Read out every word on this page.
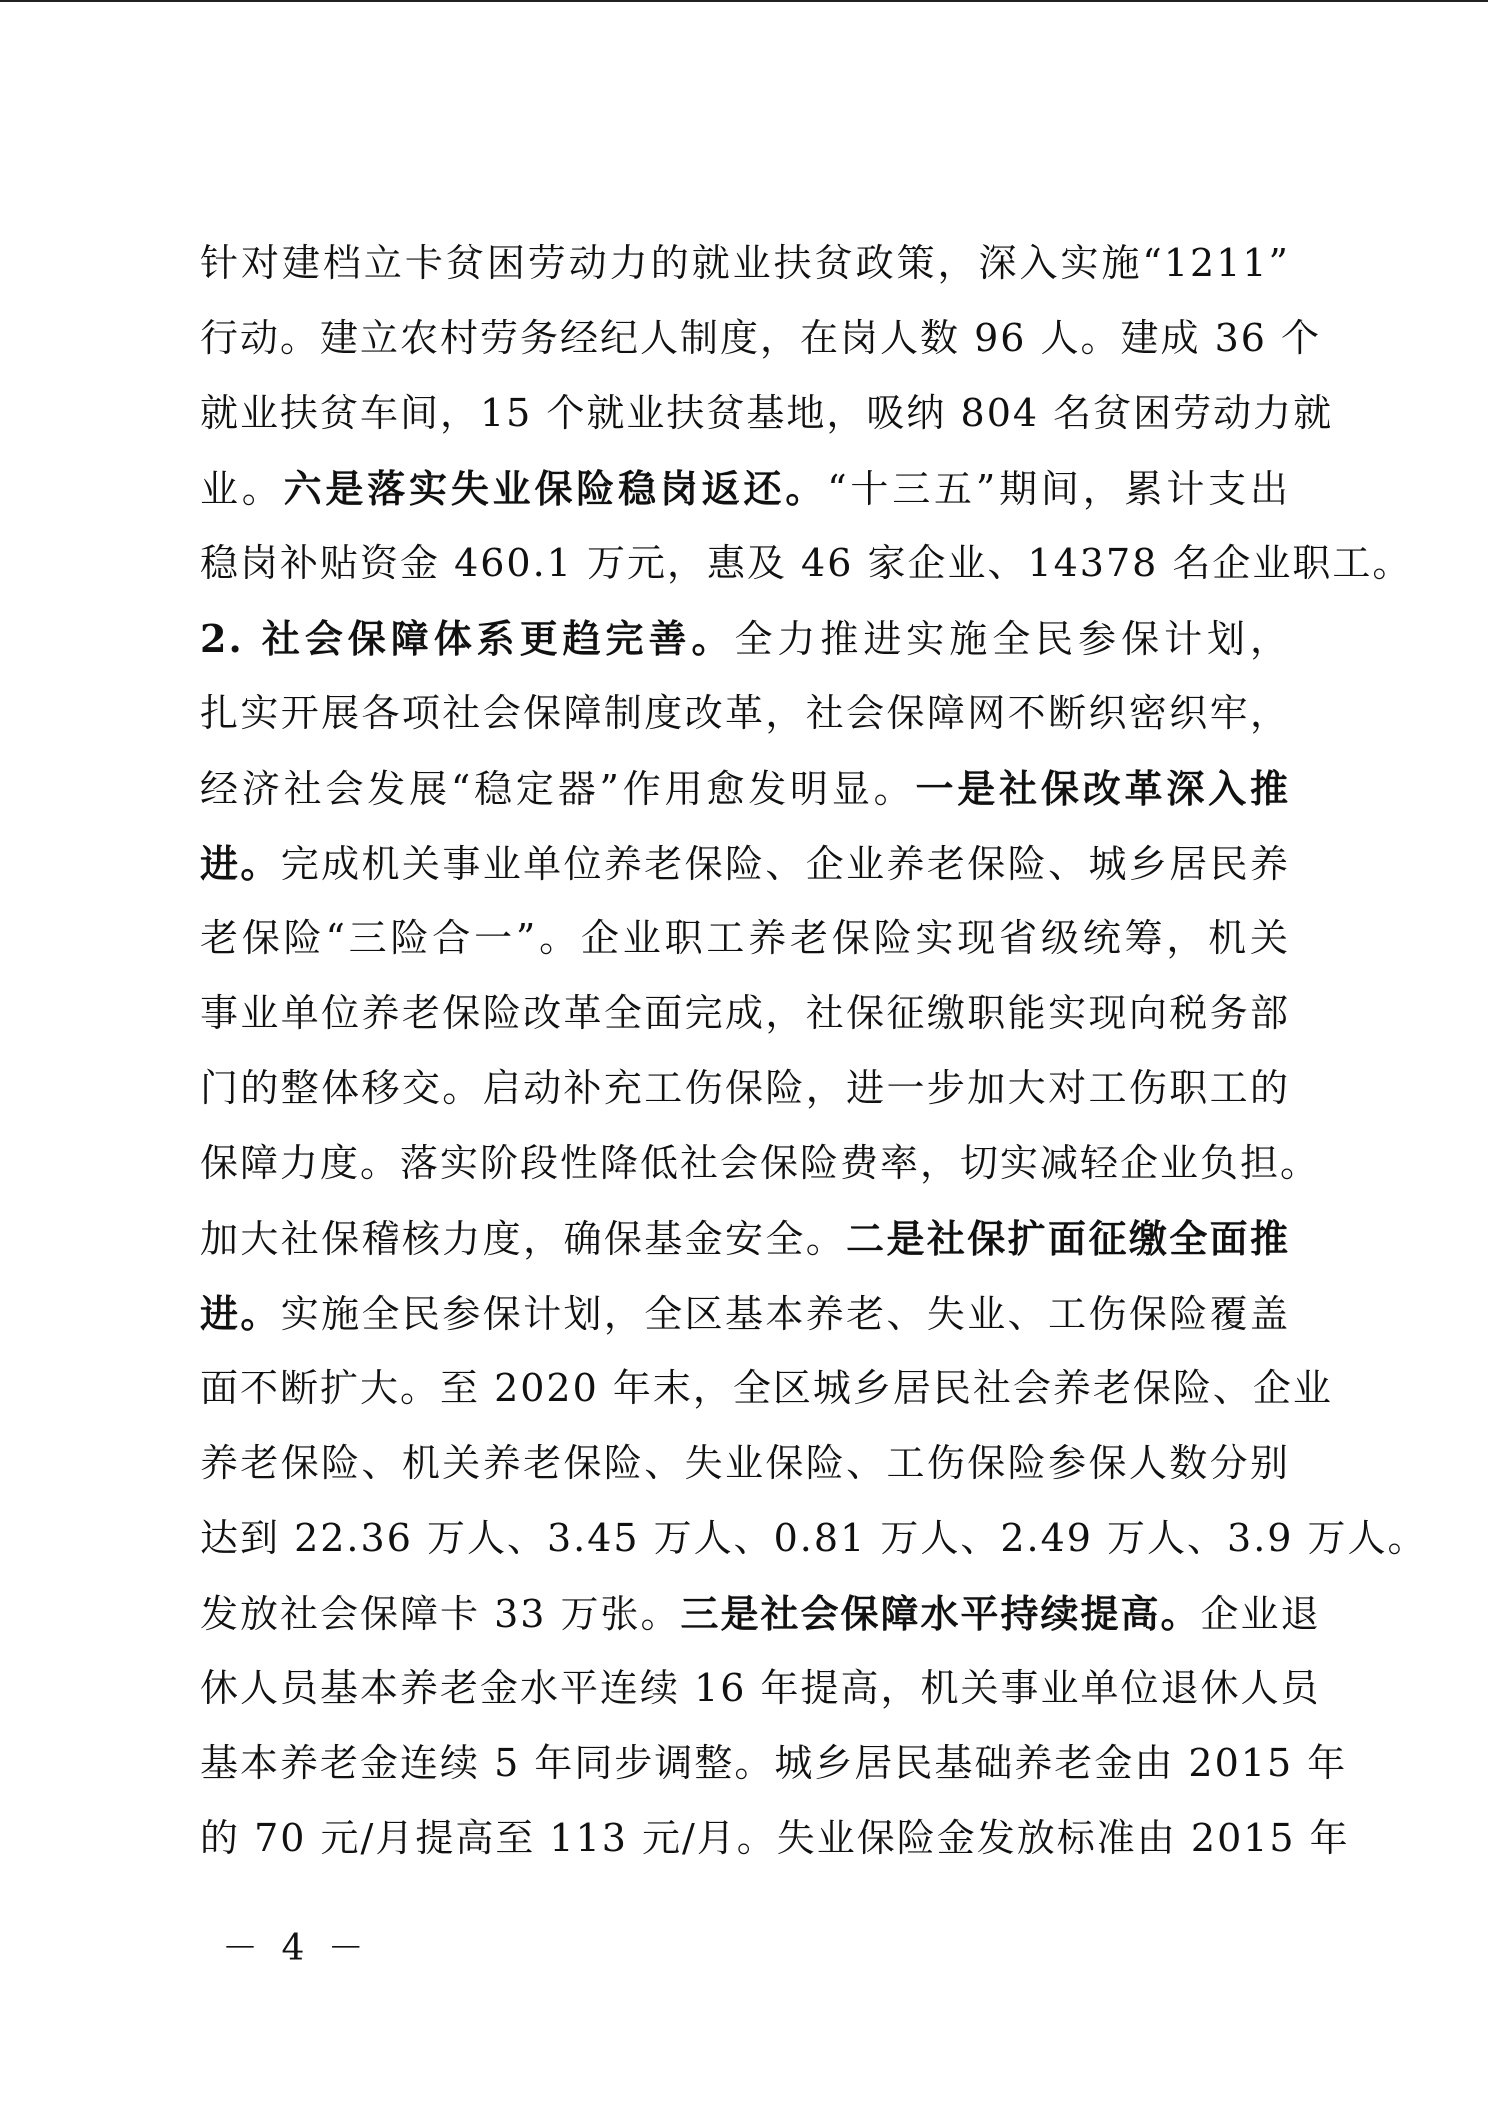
针对建档立卡贫困劳动力的就业扶贫政策，深入实施“1211”
行动。建立农村劳务经纪人制度，在岗人数 96 人。建成 36 个
就业扶贫车间，15 个就业扶贫基地，吸纳 804 名贫困劳动力就
业。六是落实失业保险稳岗返还。“十三五”期间，累计支出
稳岗补贴资金 460.1 万元，惠及 46 家企业、14378 名企业职工。
2. 社会保障体系更趋完善。全力推进实施全民参保计划，
扎实开展各项社会保障制度改革，社会保障网不断织密织牢，
经济社会发展“稳定器”作用愈发明显。一是社保改革深入推
进。完成机关事业单位养老保险、企业养老保险、城乡居民养
老保险“三险合一”。企业职工养老保险实现省级统筹，机关
事业单位养老保险改革全面完成，社保征缴职能实现向税务部
门的整体移交。启动补充工伤保险，进一步加大对工伤职工的
保障力度。落实阶段性降低社会保险费率，切实减轻企业负担。
加大社保稽核力度，确保基金安全。二是社保扩面征缴全面推
进。实施全民参保计划，全区基本养老、失业、工伤保险覆盖
面不断扩大。至 2020 年末，全区城乡居民社会养老保险、企业
养老保险、机关养老保险、失业保险、工伤保险参保人数分别
达到 22.36 万人、3.45 万人、0.81 万人、2.49 万人、3.9 万人。
发放社会保障卡 33 万张。三是社会保障水平持续提高。企业退
休人员基本养老金水平连续 16 年提高，机关事业单位退休人员
基本养老金连续 5 年同步调整。城乡居民基础养老金由 2015 年
的 70 元/月提高至 113 元/月。失业保险金发放标准由 2015 年
－ 4 －
